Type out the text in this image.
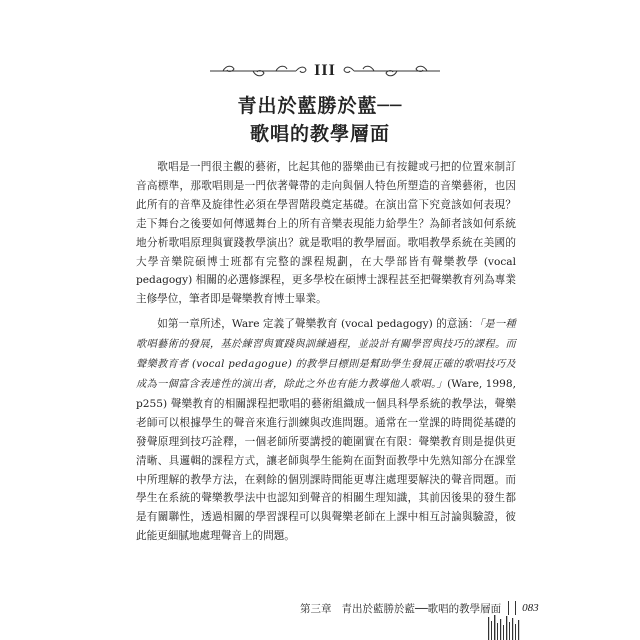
III
青出於藍勝於藍──
歌唱的教學層面

歌唱是一門很主觀的藝術，比起其他的器樂曲已有按鍵或弓把的位置來制訂音高標準，那歌唱則是一門依著聲帶的走向與個人特色所塑造的音樂藝術，也因此所有的音準及旋律性必須在學習階段奠定基礎。在演出當下究竟該如何表現？走下舞台之後要如何傳遞舞台上的所有音樂表現能力給學生？為師者該如何系統地分析歌唱原理與實踐教學演出？就是歌唱的教學層面。歌唱教學系統在美國的大學音樂院碩博士班都有完整的課程規劃，在大學部皆有聲樂教學 (vocal pedagogy) 相關的必選修課程，更多學校在碩博士課程甚至把聲樂教育列為專業主修學位，筆者即是聲樂教育博士畢業。

如第一章所述，Ware 定義了聲樂教育 (vocal pedagogy) 的意涵：「是一種歌唱藝術的發展，基於練習與實踐與訓練過程，並設計有關學習與技巧的課程。而聲樂教育者 (vocal pedagogue) 的教學目標則是幫助學生發展正確的歌唱技巧及成為一個富含表達性的演出者，除此之外也有能力教導他人歌唱。」(Ware, 1998, p255) 聲樂教育的相關課程把歌唱的藝術組織成一個具科學系統的教學法，聲樂老師可以根據學生的聲音來進行訓練與改進問題。通常在一堂課的時間從基礎的發聲原理到技巧詮釋，一個老師所要講授的範圍實在有限：聲樂教育則是提供更清晰、具邏輯的課程方式，讓老師與學生能夠在面對面教學中先熟知部分在課堂中所理解的教學方法，在剩餘的個別課時間能更專注處理要解決的聲音問題。而學生在系統的聲樂教學法中也認知到聲音的相關生理知識，其前因後果的發生都是有關聯性，透過相關的學習課程可以與聲樂老師在上課中相互討論與驗證，彼此能更細膩地處理聲音上的問題。

第三章 青出於藍勝於藍──歌唱的教學層面 083
